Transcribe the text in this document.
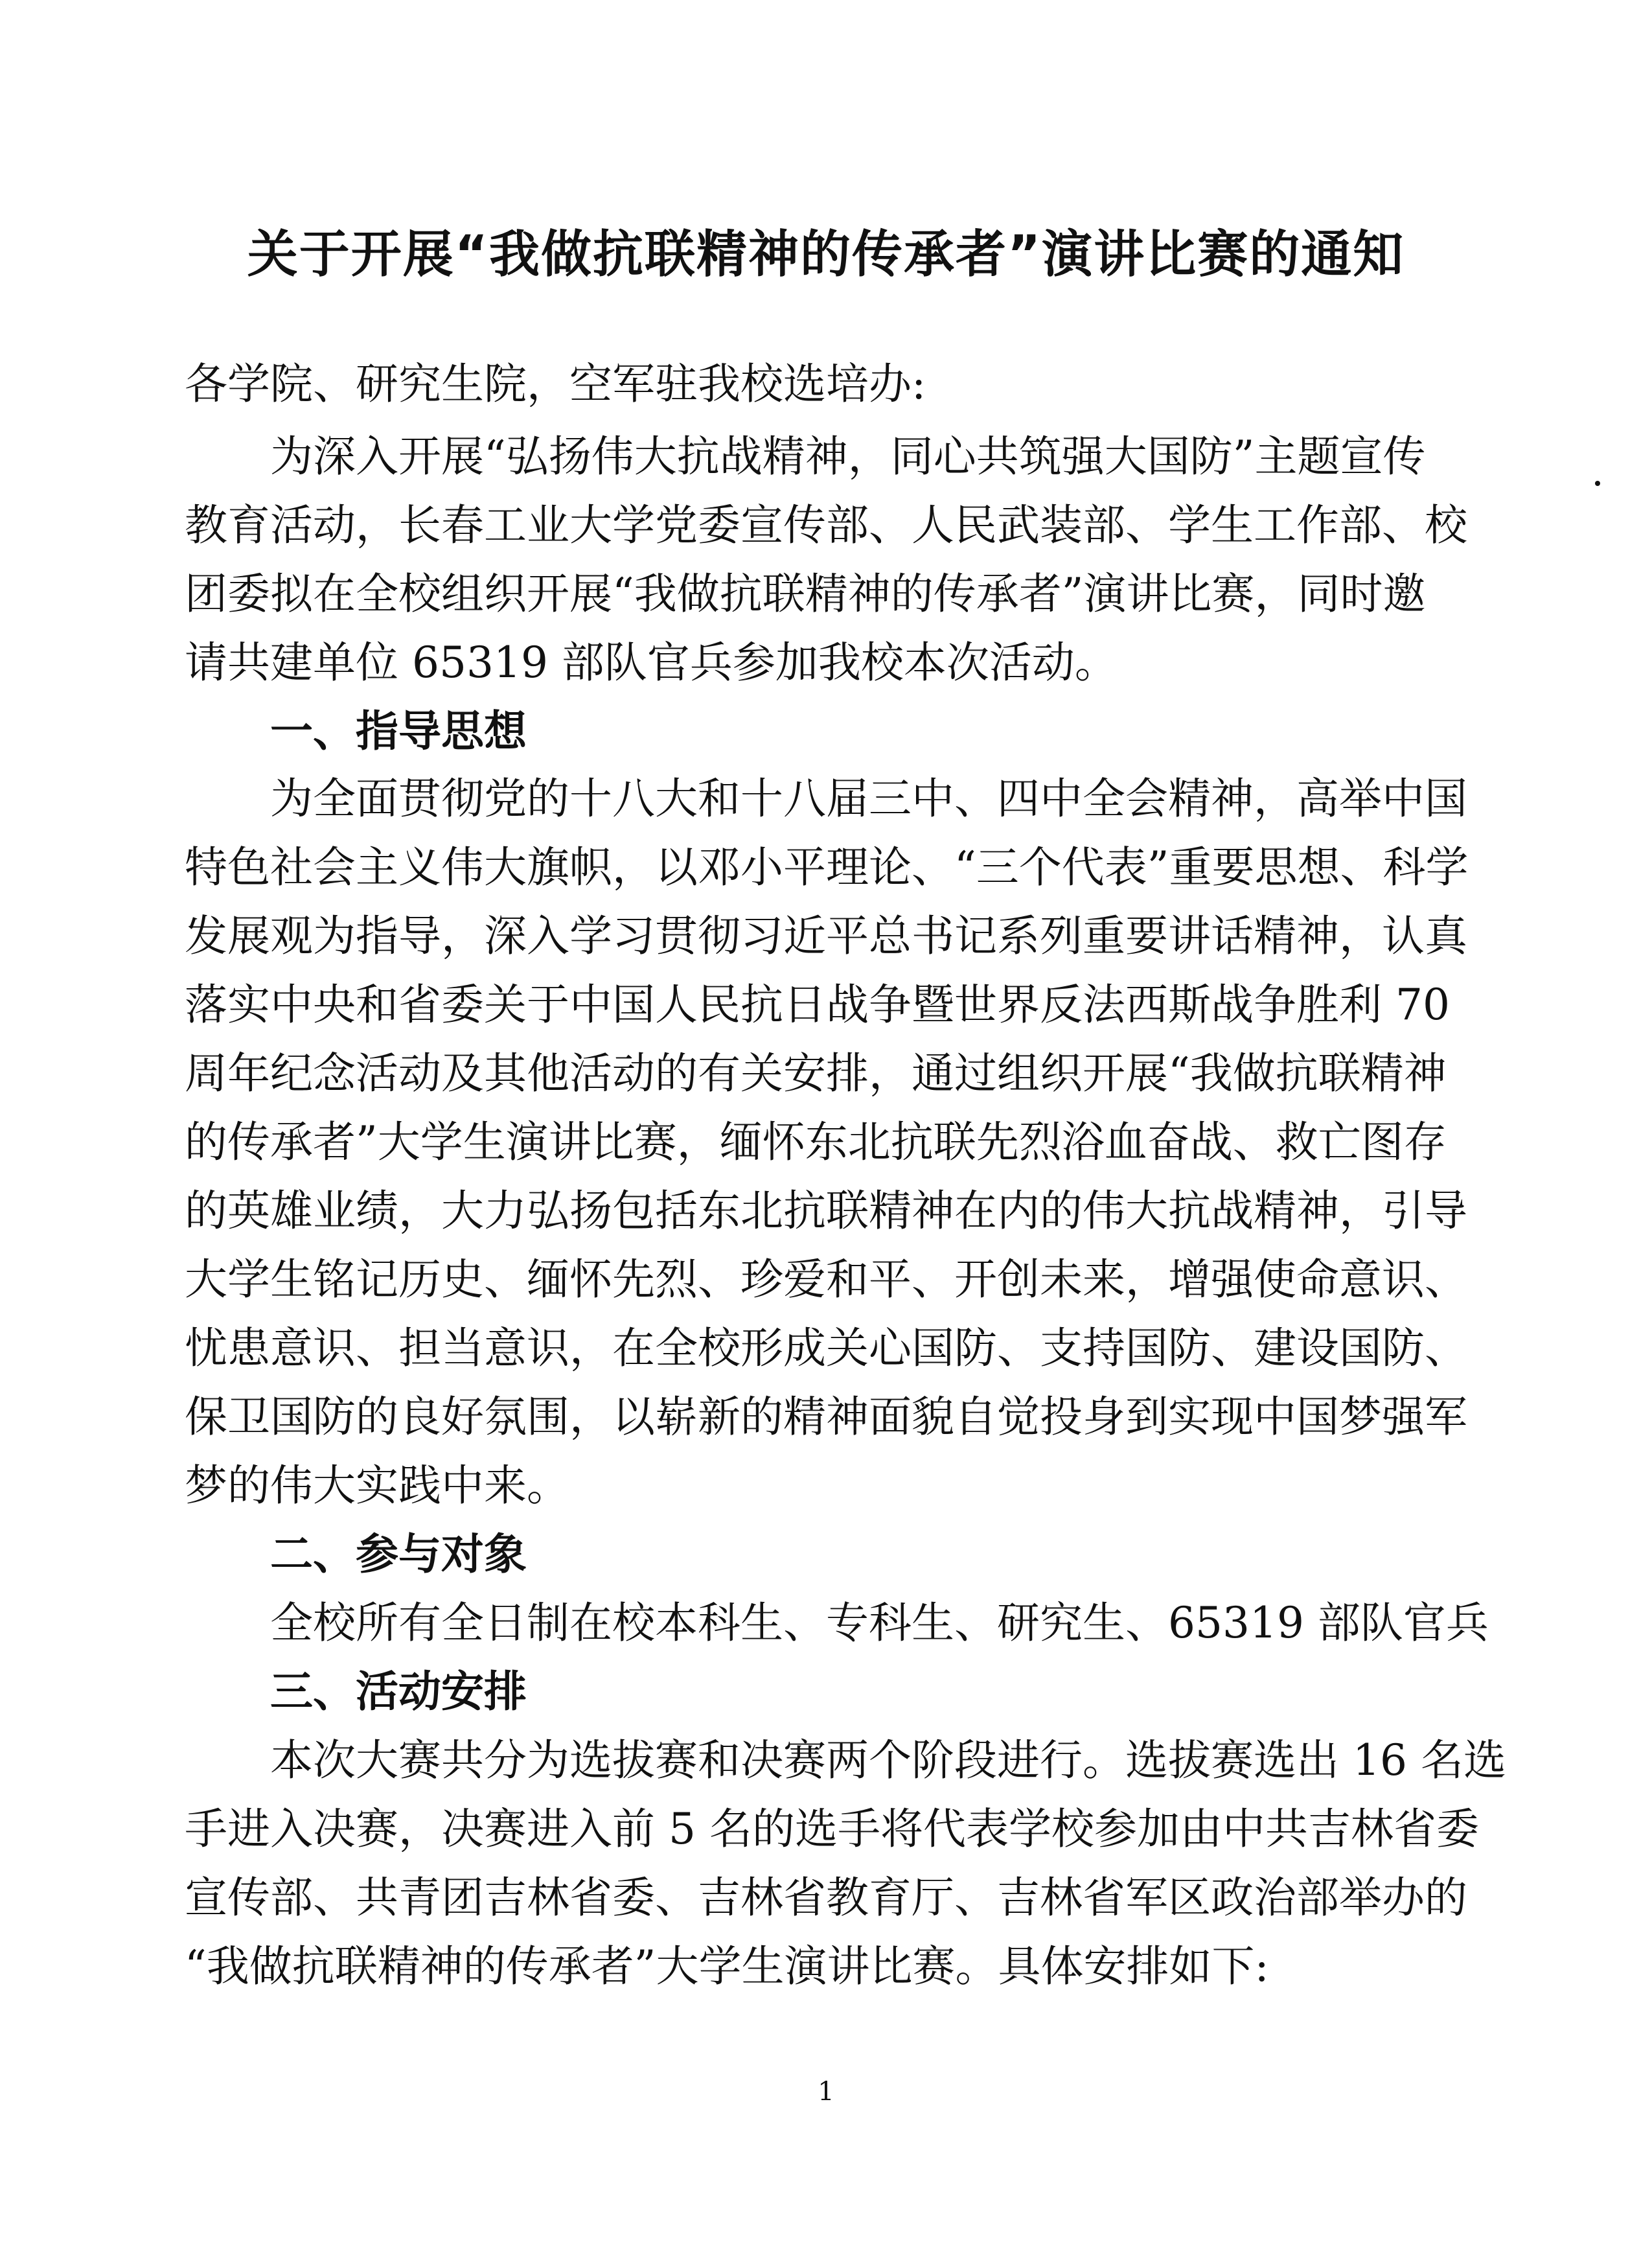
关于开展“我做抗联精神的传承者”演讲比赛的通知
各学院、研究生院，空军驻我校选培办:
为深入开展“弘扬伟大抗战精神，同心共筑强大国防”主题宣传
教育活动，长春工业大学党委宣传部、人民武装部、学生工作部、校
团委拟在全校组织开展“我做抗联精神的传承者”演讲比赛，同时邀
请共建单位 65319 部队官兵参加我校本次活动。
一、指导思想
为全面贯彻党的十八大和十八届三中、四中全会精神，高举中国
特色社会主义伟大旗帜，以邓小平理论、“三个代表”重要思想、科学
发展观为指导，深入学习贯彻习近平总书记系列重要讲话精神，认真
落实中央和省委关于中国人民抗日战争暨世界反法西斯战争胜利 70
周年纪念活动及其他活动的有关安排，通过组织开展“我做抗联精神
的传承者”大学生演讲比赛，缅怀东北抗联先烈浴血奋战、救亡图存
的英雄业绩，大力弘扬包括东北抗联精神在内的伟大抗战精神，引导
大学生铭记历史、缅怀先烈、珍爱和平、开创未来，增强使命意识、
忧患意识、担当意识，在全校形成关心国防、支持国防、建设国防、
保卫国防的良好氛围，以崭新的精神面貌自觉投身到实现中国梦强军
梦的伟大实践中来。
二、参与对象
全校所有全日制在校本科生、专科生、研究生、65319 部队官兵
三、活动安排
本次大赛共分为选拔赛和决赛两个阶段进行。选拔赛选出 16 名选
手进入决赛，决赛进入前 5 名的选手将代表学校参加由中共吉林省委
宣传部、共青团吉林省委、吉林省教育厅、吉林省军区政治部举办的
“我做抗联精神的传承者”大学生演讲比赛。具体安排如下:
1
